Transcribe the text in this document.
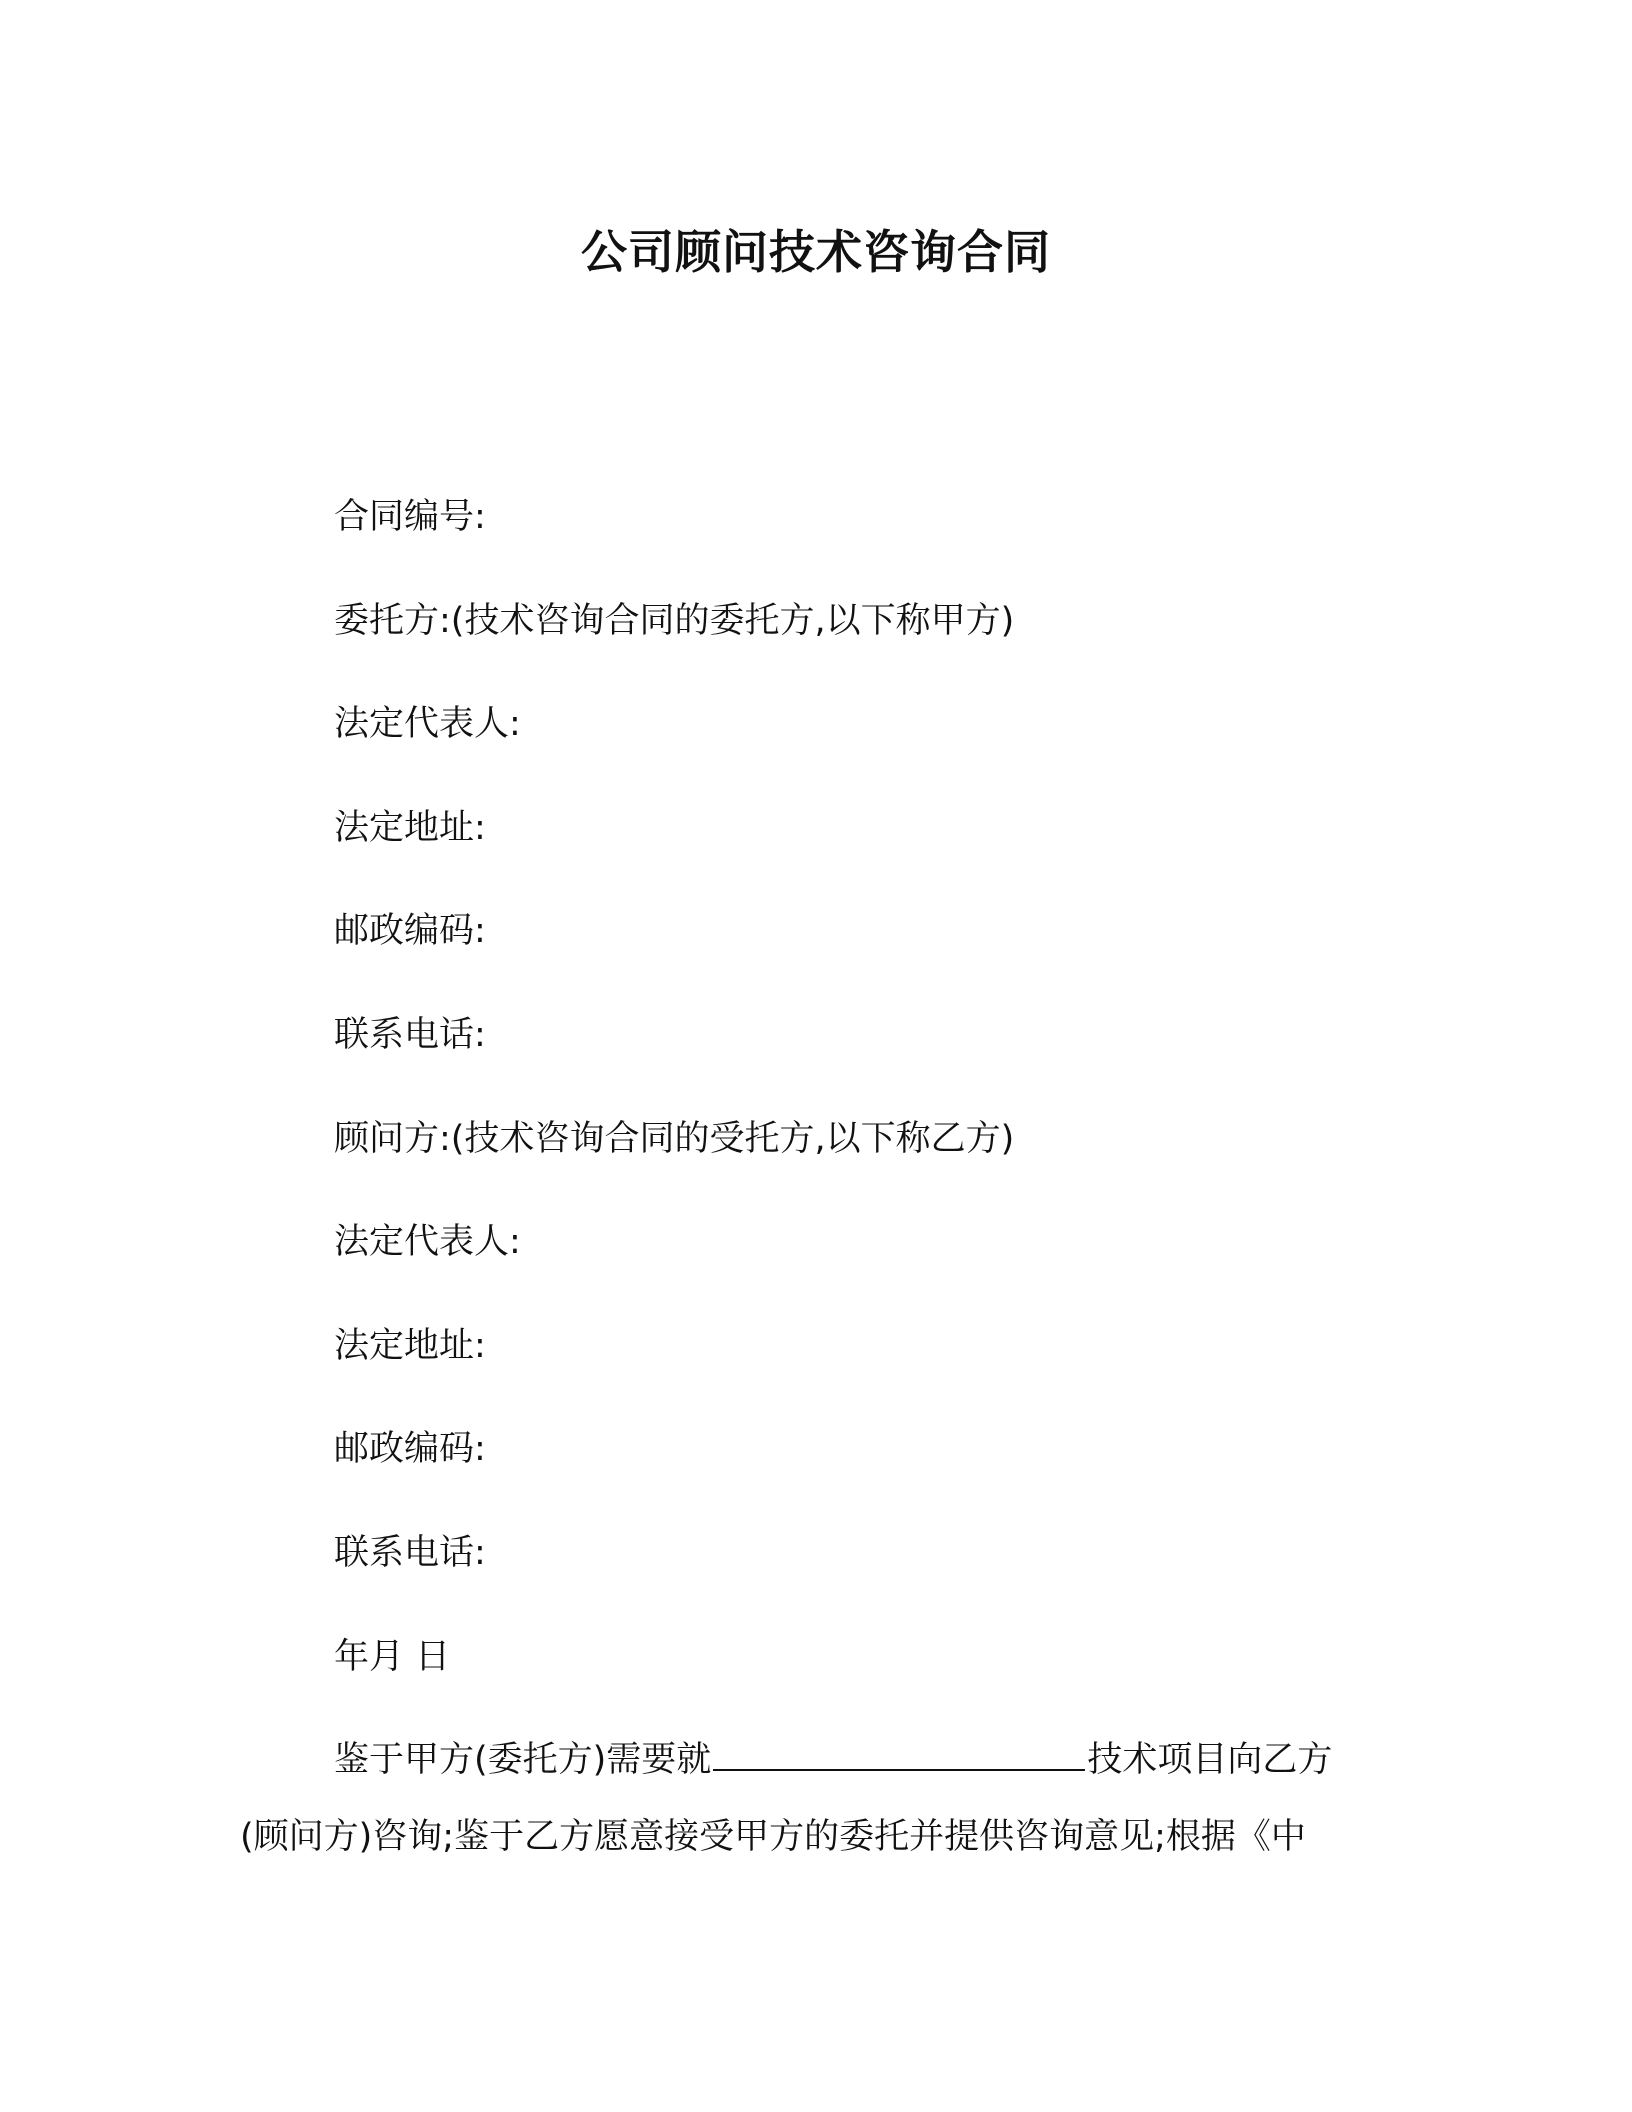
公司顾问技术咨询合同
合同编号:
委托方:(技术咨询合同的委托方,以下称甲方)
法定代表人:
法定地址:
邮政编码:
联系电话:
顾问方:(技术咨询合同的受托方,以下称乙方)
法定代表人:
法定地址:
邮政编码:
联系电话:
年月 日
鉴于甲方(委托方)需要就	技术项目向乙方
(顾问方)咨询;鉴于乙方愿意接受甲方的委托并提供咨询意见;根据《中
